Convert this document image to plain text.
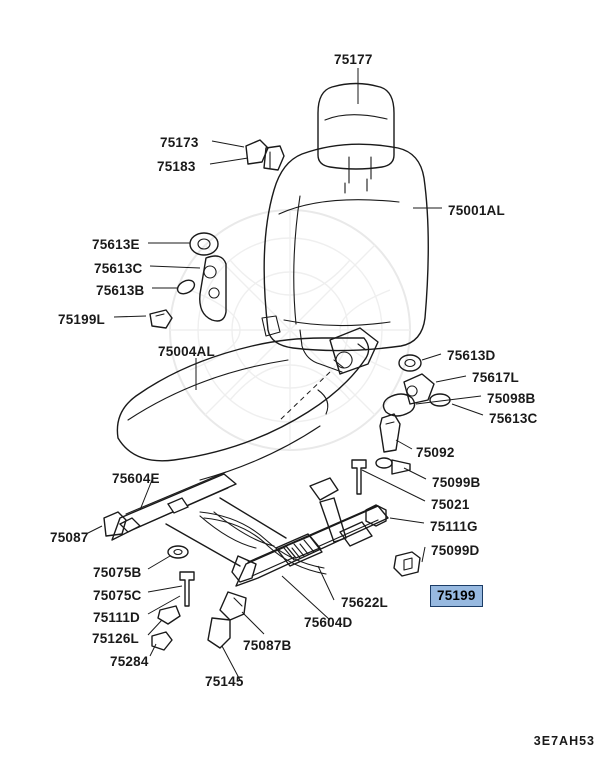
75177
75173
75183
75001AL
75613E
75613C
75613B
75199L
75004AL	75613D
75617L
75098B
75613C
75092
75099B
75021
75604E
75111G
75087
75099D
75075B
75075C	75199
75111D
75622L
75126L
75604D
75284
75087B
75145
3E7AH53
